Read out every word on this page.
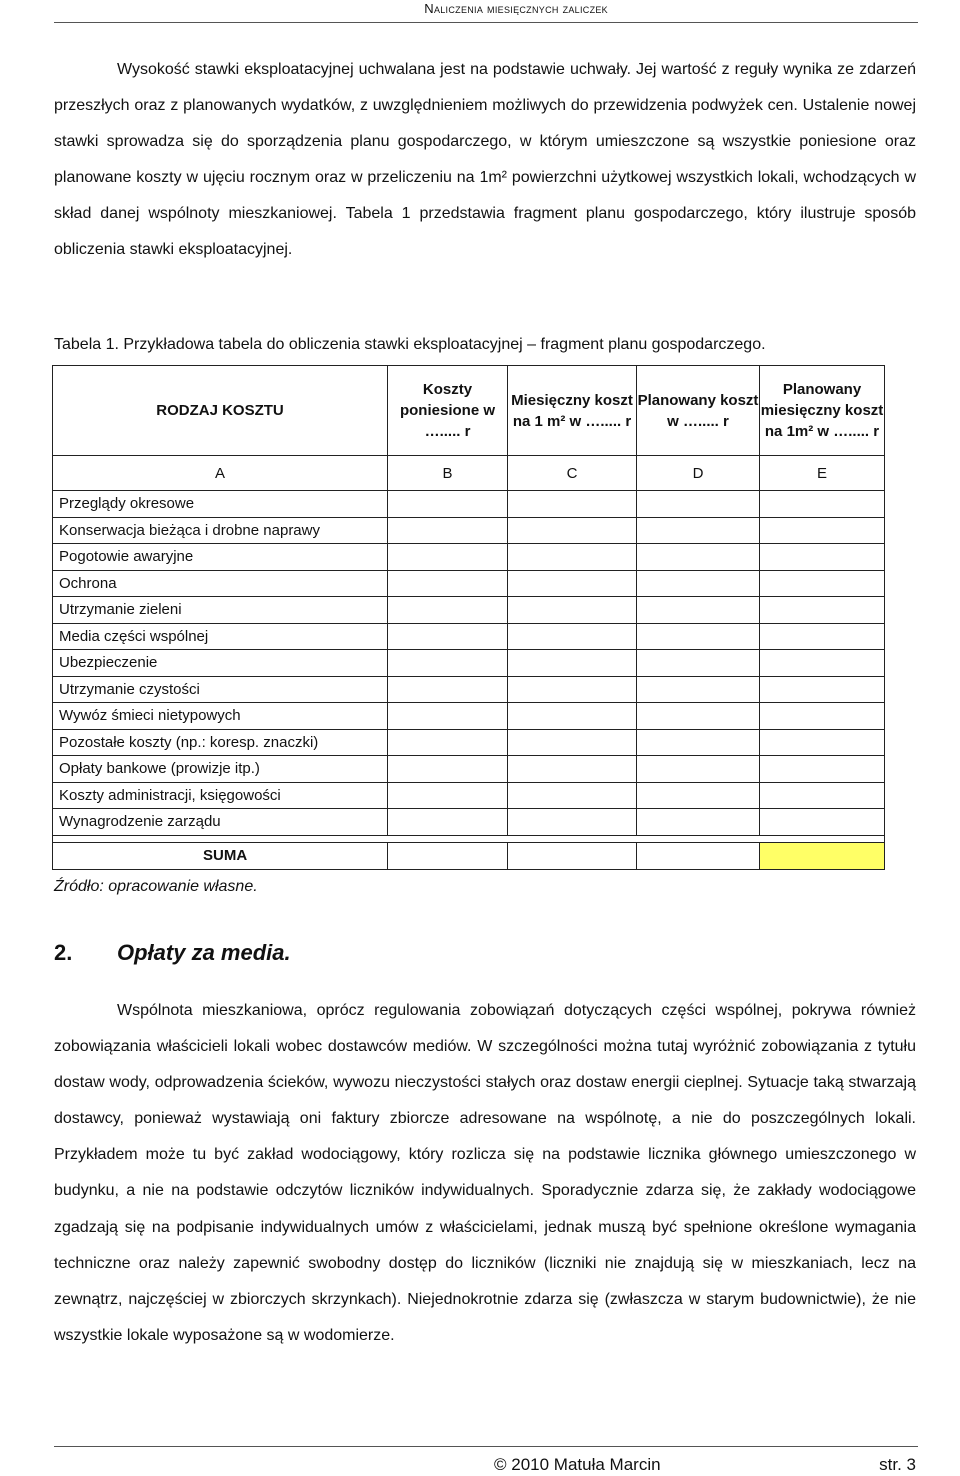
Naliczenia miesięcznych zaliczek

Wysokość stawki eksploatacyjnej uchwalana jest na podstawie uchwały. Jej wartość z reguły wynika ze zdarzeń przeszłych oraz z planowanych wydatków, z uwzględnieniem możliwych do przewidzenia podwyżek cen. Ustalenie nowej stawki sprowadza się do sporządzenia planu gospodarczego, w którym umieszczone są wszystkie poniesione oraz planowane koszty w ujęciu rocznym oraz w przeliczeniu na 1m² powierzchni użytkowej wszystkich lokali, wchodzących w skład danej wspólnoty mieszkaniowej. Tabela 1 przedstawia fragment planu gospodarczego, który ilustruje sposób obliczenia stawki eksploatacyjnej.

Tabela 1. Przykładowa tabela do obliczenia stawki eksploatacyjnej – fragment planu gospodarczego.

RODZAJ KOSZTU	Koszty poniesione w …..... r	Miesięczny koszt na 1 m² w …..... r	Planowany koszt w …..... r	Planowany miesięczny koszt na 1m² w …..... r
A	B	C	D	E
Przeglądy okresowe				
Konserwacja bieżąca i drobne naprawy				
Pogotowie awaryjne				
Ochrona				
Utrzymanie zieleni				
Media części wspólnej				
Ubezpieczenie				
Utrzymanie czystości				
Wywóz śmieci nietypowych				
Pozostałe koszty (np.: koresp. znaczki)				
Opłaty bankowe (prowizje itp.)				
Koszty administracji, księgowości				
Wynagrodzenie zarządu				

SUMA				

Źródło: opracowanie własne.

2. Opłaty za media.

Wspólnota mieszkaniowa, oprócz regulowania zobowiązań dotyczących części wspólnej, pokrywa również zobowiązania właścicieli lokali wobec dostawców mediów. W szczególności można tutaj wyróżnić zobowiązania z tytułu dostaw wody, odprowadzenia ścieków, wywozu nieczystości stałych oraz dostaw energii cieplnej. Sytuacje taką stwarzają dostawcy, ponieważ wystawiają oni faktury zbiorcze adresowane na wspólnotę, a nie do poszczególnych lokali. Przykładem może tu być zakład wodociągowy, który rozlicza się na podstawie licznika głównego umieszczonego w budynku, a nie na podstawie odczytów liczników indywidualnych. Sporadycznie zdarza się, że zakłady wodociągowe zgadzają się na podpisanie indywidualnych umów z właścicielami, jednak muszą być spełnione określone wymagania techniczne oraz należy zapewnić swobodny dostęp do liczników (liczniki nie znajdują się w mieszkaniach, lecz na zewnątrz, najczęściej w zbiorczych skrzynkach). Niejednokrotnie zdarza się (zwłaszcza w starym budownictwie), że nie wszystkie lokale wyposażone są w wodomierze.

© 2010 Matuła Marcin	str. 3
